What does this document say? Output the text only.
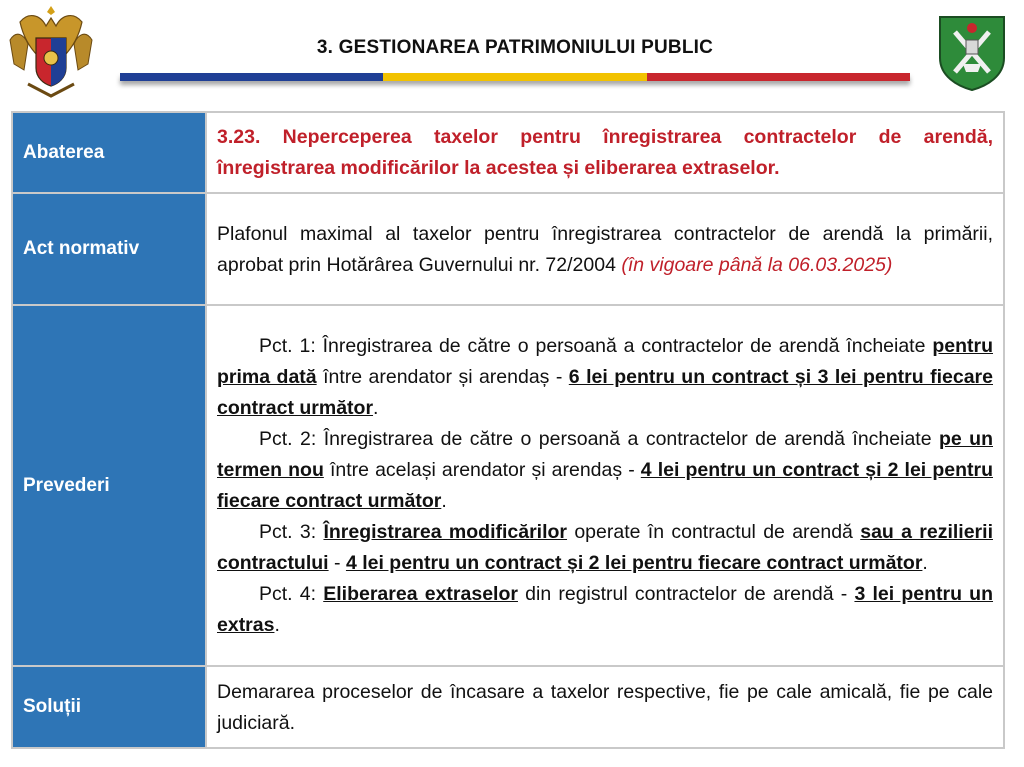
3. GESTIONAREA PATRIMONIULUI PUBLIC
Abaterea	3.23. Neperceperea taxelor pentru înregistrarea contractelor de arendă, înregistrarea modificărilor la acestea și eliberarea extraselor.
Act normativ	Plafonul maximal al taxelor pentru înregistrarea contractelor de arendă la primării, aprobat prin Hotărârea Guvernului nr. 72/2004 (în vigoare până la 06.03.2025)
Prevederi	Pct. 1: Înregistrarea de către o persoană a contractelor de arendă încheiate pentru prima dată între arendator și arendaș - 6 lei pentru un contract și 3 lei pentru fiecare contract următor.

Pct. 2: Înregistrarea de către o persoană a contractelor de arendă încheiate pe un termen nou între același arendator și arendaș - 4 lei pentru un contract și 2 lei pentru fiecare contract următor.

Pct. 3: Înregistrarea modificărilor operate în contractul de arendă sau a rezilierii contractului - 4 lei pentru un contract și 2 lei pentru fiecare contract următor.

Pct. 4: Eliberarea extraselor din registrul contractelor de arendă - 3 lei pentru un extras.

Soluții	Demararea proceselor de încasare a taxelor respective, fie pe cale amicală, fie pe cale judiciară.
